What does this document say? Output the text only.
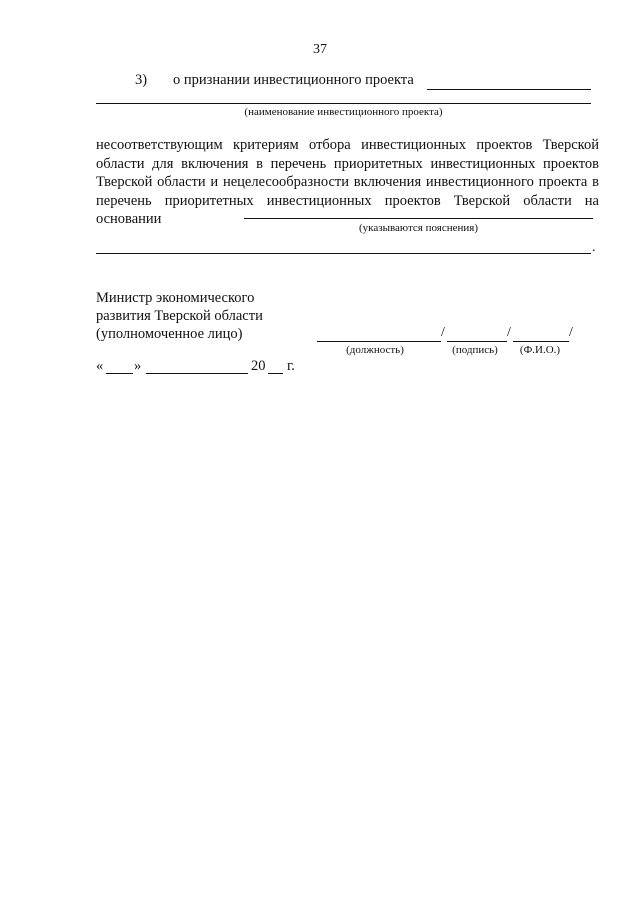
37
3) о признании инвестиционного проекта
(наименование инвестиционного проекта)
несоответствующим критериям отбора инвестиционных проектов Тверской области для включения в перечень приоритетных инвестиционных проектов Тверской области и нецелесообразности включения инвестиционного проекта в перечень приоритетных инвестиционных проектов Тверской области на основании
(указываются пояснения)
.
Министр экономического
развития Тверской области
(уполномоченное лицо)	/	/	/
(должность)	(подпись)	(Ф.И.О.)
« »	20 г.
